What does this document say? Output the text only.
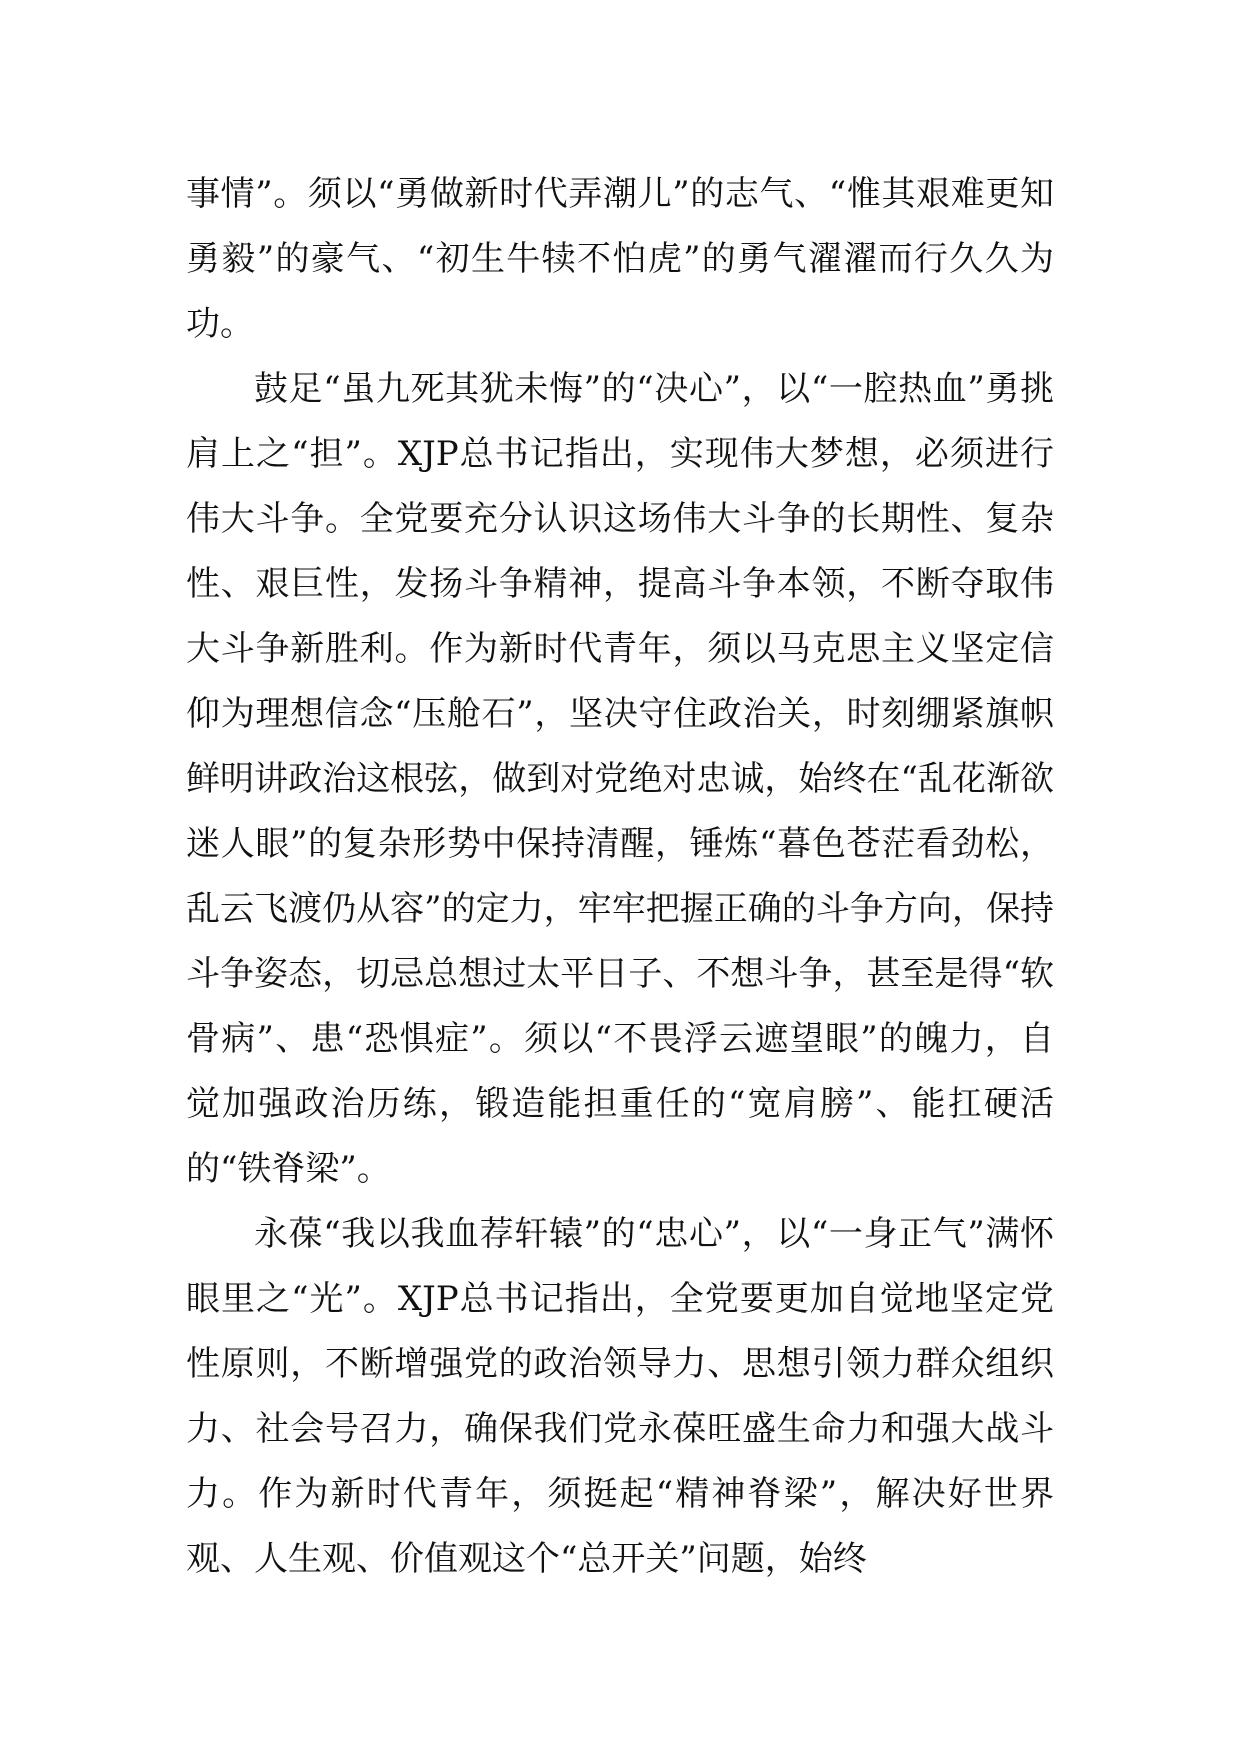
事情”。须以“勇做新时代弄潮儿”的志气、“惟其艰难更知勇毅”的豪气、“初生牛犊不怕虎”的勇气濯濯而行久久为功。

鼓足“虽九死其犹未悔”的“决心”，以“一腔热血”勇挑肩上之“担”。XJP总书记指出，实现伟大梦想，必须进行伟大斗争。全党要充分认识这场伟大斗争的长期性、复杂性、艰巨性，发扬斗争精神，提高斗争本领，不断夺取伟大斗争新胜利。作为新时代青年，须以马克思主义坚定信仰为理想信念“压舱石”，坚决守住政治关，时刻绷紧旗帜鲜明讲政治这根弦，做到对党绝对忠诚，始终在“乱花渐欲迷人眼”的复杂形势中保持清醒，锤炼“暮色苍茫看劲松，乱云飞渡仍从容”的定力，牢牢把握正确的斗争方向，保持斗争姿态，切忌总想过太平日子、不想斗争，甚至是得“软骨病”、患“恐惧症”。须以“不畏浮云遮望眼”的魄力，自觉加强政治历练，锻造能担重任的“宽肩膀”、能扛硬活的“铁脊梁”。

永葆“我以我血荐轩辕”的“忠心”，以“一身正气”满怀眼里之“光”。XJP总书记指出，全党要更加自觉地坚定党性原则，不断增强党的政治领导力、思想引领力群众组织力、社会号召力，确保我们党永葆旺盛生命力和强大战斗力。作为新时代青年，须挺起“精神脊梁”，解决好世界观、人生观、价值观这个“总开关”问题，始终
